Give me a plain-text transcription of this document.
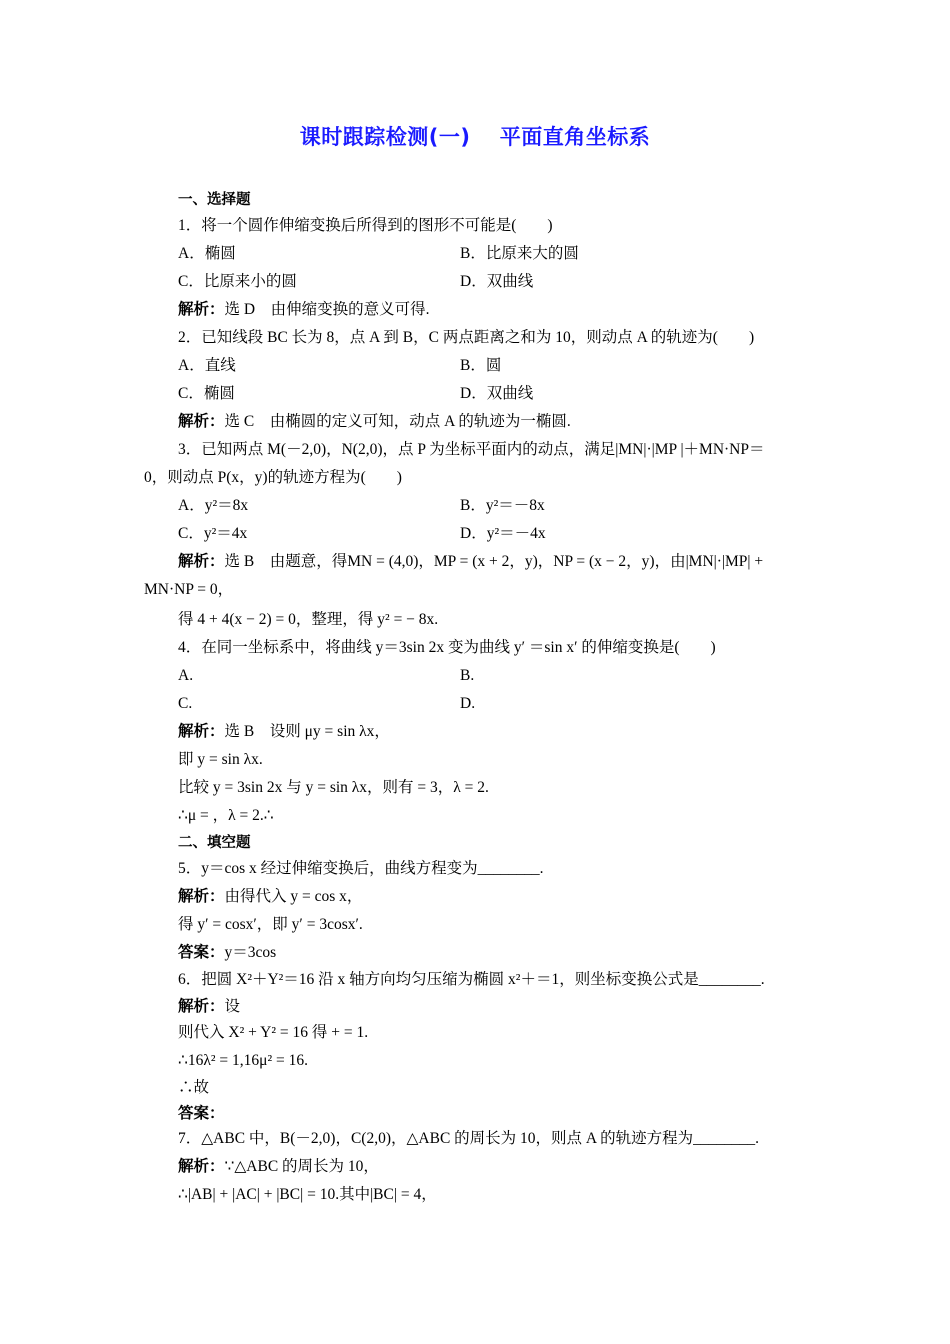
课时跟踪检测(一)　 平面直角坐标系
一、选择题
1．将一个圆作伸缩变换后所得到的图形不可能是(　　)
A．椭圆	B．比原来大的圆
C．比原来小的圆	D．双曲线
解析：选 D　由伸缩变换的意义可得.
2．已知线段 BC 长为 8，点 A 到 B，C 两点距离之和为 10，则动点 A 的轨迹为(　　)
A．直线	B．圆
C．椭圆	D．双曲线
解析：选 C　由椭圆的定义可知，动点 A 的轨迹为一椭圆.
3．已知两点 M(－2,0)，N(2,0)，点 P 为坐标平面内的动点，满足|MN|·|MP |＋MN·NP＝
0，则动点 P(x，y)的轨迹方程为(　　)
A．y²＝8x	B．y²＝－8x
C．y²＝4x	D．y²＝－4x
解析：选 B　由题意，得MN = (4,0)，MP = (x + 2，y)，NP = (x − 2，y)，由|MN|·|MP| +
MN·NP = 0，
得 4 + 4(x − 2) = 0，整理，得 y² = − 8x.
4．在同一坐标系中，将曲线 y＝3sin 2x 变为曲线 y′ ＝sin x′ 的伸缩变换是(　　)
A.	B.
C.	D.
解析：选 B　设则 μy = sin λx，
即 y = sin λx.
比较 y = 3sin 2x 与 y = sin λx，则有 = 3，λ = 2.
∴μ = ，λ = 2.∴
二、填空题
5．y＝cos x 经过伸缩变换后，曲线方程变为________.
解析：由得代入 y = cos x，
得 y′ = cosx′，即 y′ = 3cosx′.
答案：y＝3cos
6．把圆 X²＋Y²＝16 沿 x 轴方向均匀压缩为椭圆 x²＋＝1，则坐标变换公式是________.
解析：设
则代入 X² + Y² = 16 得 + = 1.
∴16λ² = 1,16μ² = 16.
∴故
答案：
7．△ABC 中，B(－2,0)，C(2,0)，△ABC 的周长为 10，则点 A 的轨迹方程为________.
解析：∵△ABC 的周长为 10，
∴|AB| + |AC| + |BC| = 10.其中|BC| = 4，
